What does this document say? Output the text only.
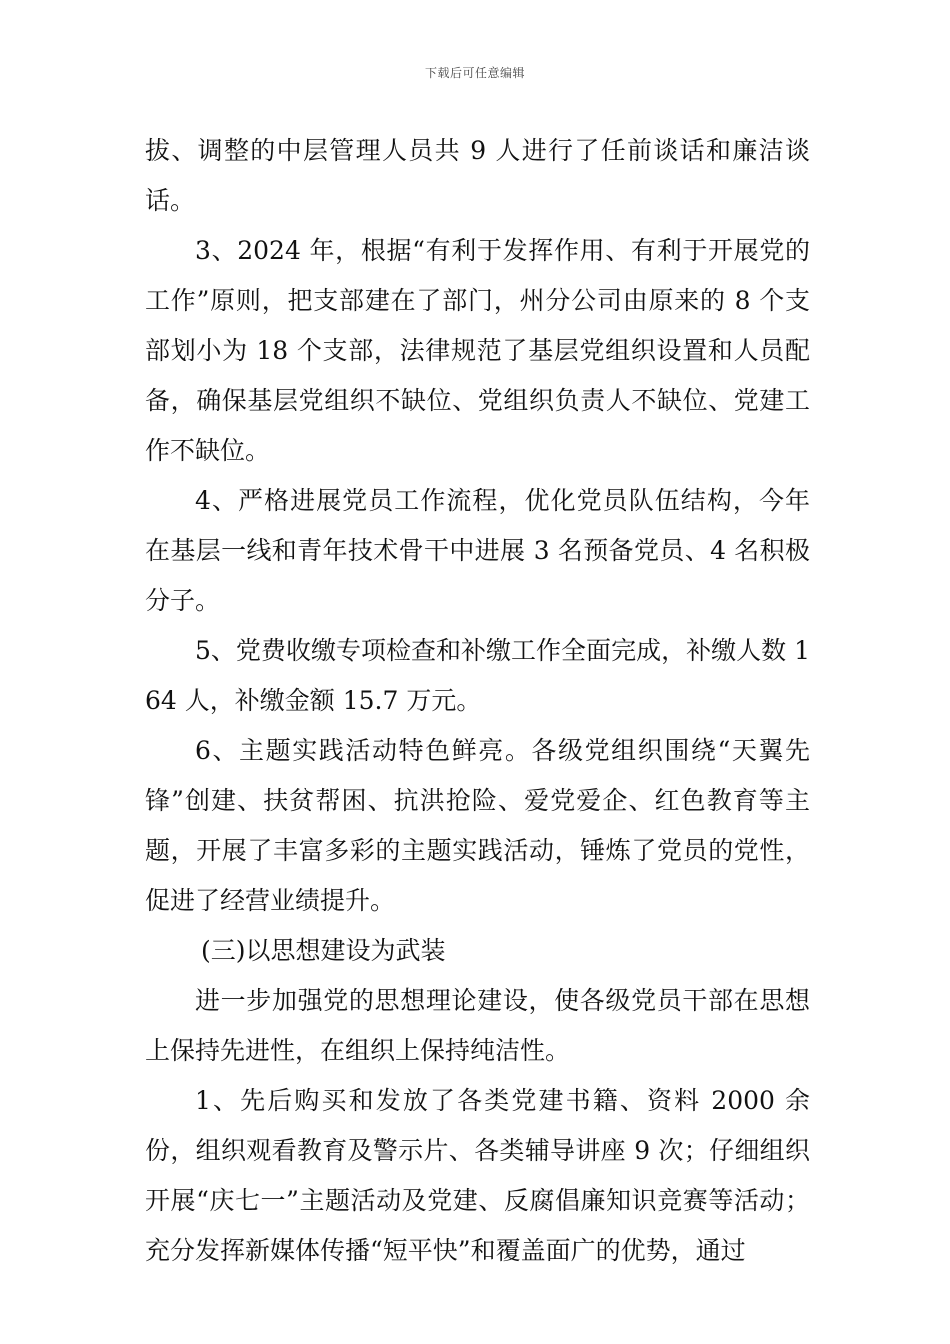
下载后可任意编辑

拔、调整的中层管理人员共 9 人进行了任前谈话和廉洁谈话。

3、2024 年，根据“有利于发挥作用、有利于开展党的工作”原则，把支部建在了部门，州分公司由原来的 8 个支部划小为 18 个支部，法律规范了基层党组织设置和人员配备，确保基层党组织不缺位、党组织负责人不缺位、党建工作不缺位。

4、严格进展党员工作流程，优化党员队伍结构，今年在基层一线和青年技术骨干中进展 3 名预备党员、4 名积极分子。

5、党费收缴专项检查和补缴工作全面完成，补缴人数 164 人，补缴金额 15.7 万元。

6、主题实践活动特色鲜亮。各级党组织围绕“天翼先锋”创建、扶贫帮困、抗洪抢险、爱党爱企、红色教育等主题，开展了丰富多彩的主题实践活动，锤炼了党员的党性，促进了经营业绩提升。

(三)以思想建设为武装

进一步加强党的思想理论建设，使各级党员干部在思想上保持先进性，在组织上保持纯洁性。

1、先后购买和发放了各类党建书籍、资料 2000 余份，组织观看教育及警示片、各类辅导讲座 9 次；仔细组织开展“庆七一”主题活动及党建、反腐倡廉知识竞赛等活动；充分发挥新媒体传播“短平快”和覆盖面广的优势，通过
